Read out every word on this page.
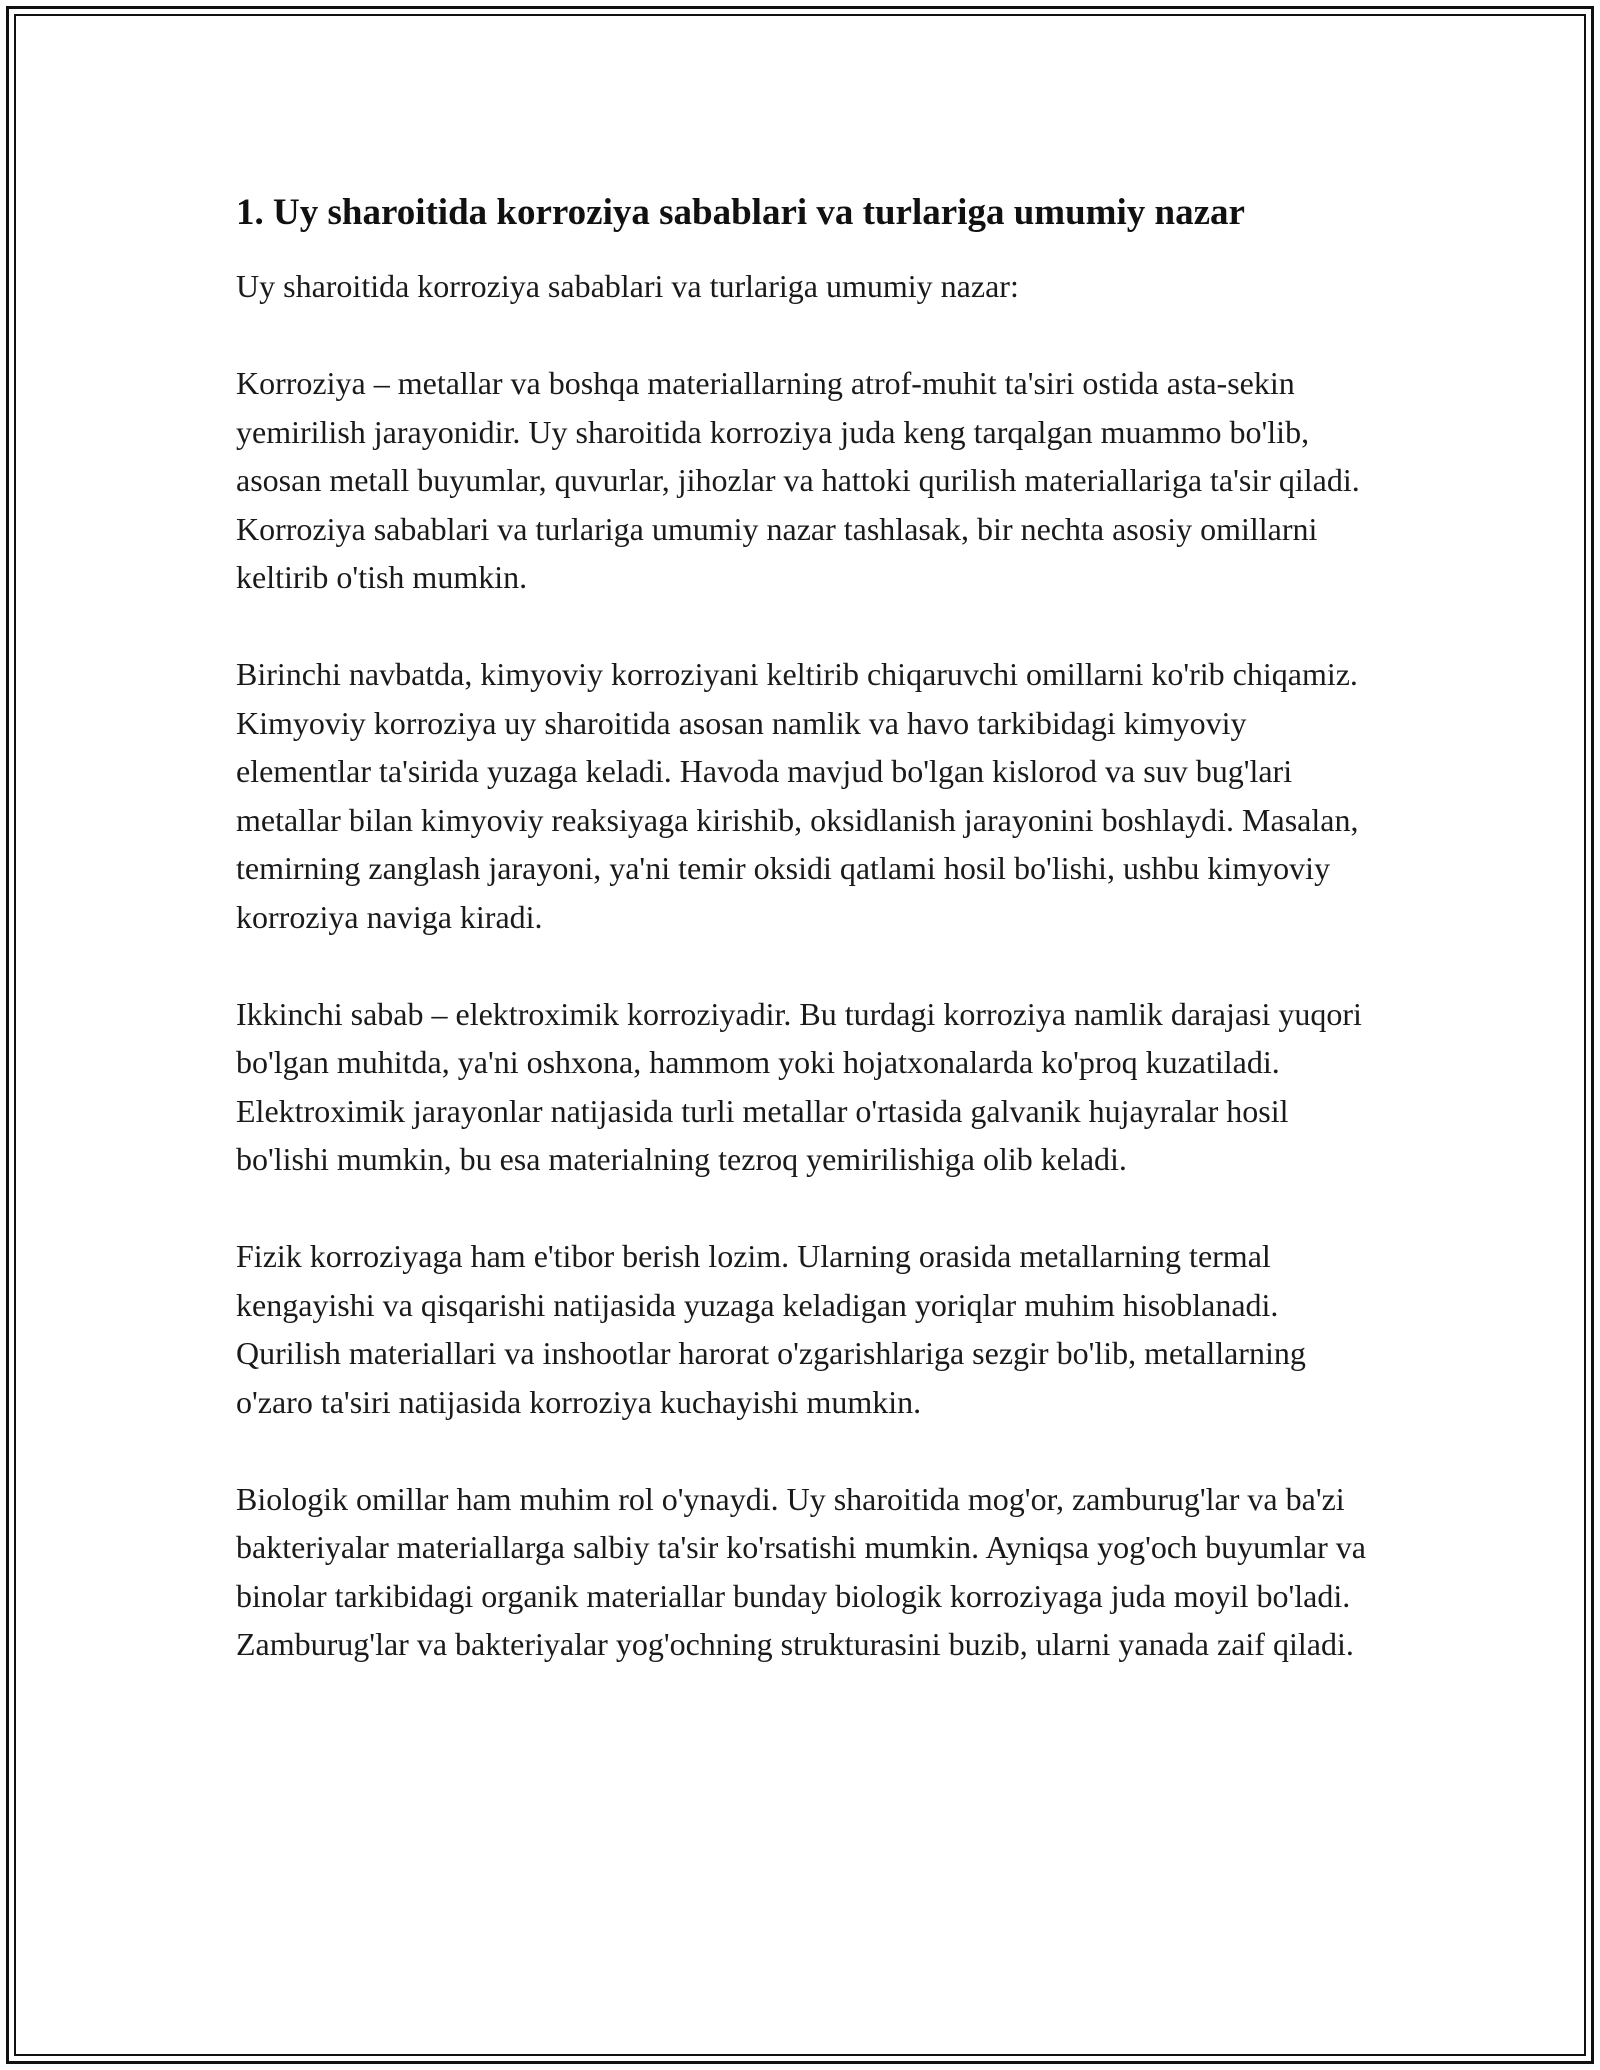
1. Uy sharoitida korroziya sabablari va turlariga umumiy nazar

Uy sharoitida korroziya sabablari va turlariga umumiy nazar:

Korroziya – metallar va boshqa materiallarning atrof-muhit ta'siri ostida asta-sekin yemirilish jarayonidir. Uy sharoitida korroziya juda keng tarqalgan muammo bo'lib, asosan metall buyumlar, quvurlar, jihozlar va hattoki qurilish materiallariga ta'sir qiladi. Korroziya sabablari va turlariga umumiy nazar tashlasak, bir nechta asosiy omillarni keltirib o'tish mumkin.

Birinchi navbatda, kimyoviy korroziyani keltirib chiqaruvchi omillarni ko'rib chiqamiz. Kimyoviy korroziya uy sharoitida asosan namlik va havo tarkibidagi kimyoviy elementlar ta'sirida yuzaga keladi. Havoda mavjud bo'lgan kislorod va suv bug'lari metallar bilan kimyoviy reaksiyaga kirishib, oksidlanish jarayonini boshlaydi. Masalan, temirning zanglash jarayoni, ya'ni temir oksidi qatlami hosil bo'lishi, ushbu kimyoviy korroziya naviga kiradi.

Ikkinchi sabab – elektroximik korroziyadir. Bu turdagi korroziya namlik darajasi yuqori bo'lgan muhitda, ya'ni oshxona, hammom yoki hojatxonalarda ko'proq kuzatiladi. Elektroximik jarayonlar natijasida turli metallar o'rtasida galvanik hujayralar hosil bo'lishi mumkin, bu esa materialning tezroq yemirilishiga olib keladi.

Fizik korroziyaga ham e'tibor berish lozim. Ularning orasida metallarning termal kengayishi va qisqarishi natijasida yuzaga keladigan yoriqlar muhim hisoblanadi. Qurilish materiallari va inshootlar harorat o'zgarishlariga sezgir bo'lib, metallarning o'zaro ta'siri natijasida korroziya kuchayishi mumkin.

Biologik omillar ham muhim rol o'ynaydi. Uy sharoitida mog'or, zamburug'lar va ba'zi bakteriyalar materiallarga salbiy ta'sir ko'rsatishi mumkin. Ayniqsa yog'och buyumlar va binolar tarkibidagi organik materiallar bunday biologik korroziyaga juda moyil bo'ladi. Zamburug'lar va bakteriyalar yog'ochning strukturasini buzib, ularni yanada zaif qiladi.
